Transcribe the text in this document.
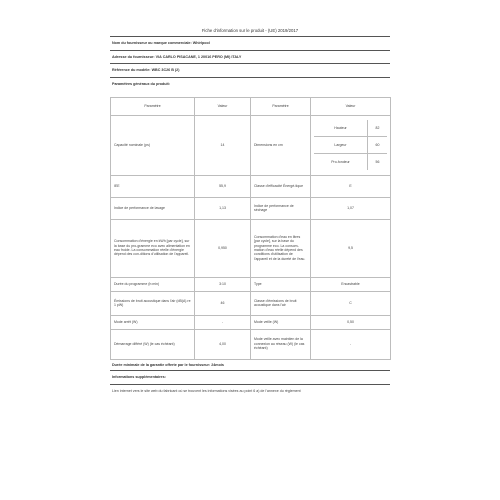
Fiche d'information sur le produit - (UE) 2019/2017
Nom du fournisseur ou marque commerciale: Whirlpool
Adresse du fournisseur: VIA CARLO PISACANE, 1 20016 PERO (MI) ITALY
Référence du modèle: WBC 3C26 B (2)
Paramètres généraux du produit:
Paramètre	Valeur	Paramètre	Valeur
Capacité nominale (ps)	14	Dimensions en cm	
Hauteur	82
Largeur	60
Pro-fondeur	56

IEE	55,9	Classe d'efficacité Énergé-tique	E
Indice de performance de lavage	1,13	Indice de performance de séchage	1,07
Consommation d'énergie en kWh [par cycle], sur la base du pro-gramme eco avec alimentation en eau froide. La consommation réelle d'énergie dépend des con-ditions d'utilisation de l'appareil.	0,950	Consommation d'eau en litres [par cycle], sur la base du programme eco. La consom-mation d'eau réelle dépend des conditions d'utilisation de l'appareil et de la dureté de l'eau.	9,5
Durée du programme (h:min)	3:10	Type	Encastrable
Émissions de bruit acoustique dans l'air (dB(A) re 1 pW)	46	Classe d'émissions de bruit acoustique dans l'air	C
Mode arrêt (W)	-	Mode veille (W)	0,50
Démarrage différé (W) (le cas échéant)	4,00	Mode veille avec maintien de la connexion au réseau (W) (le cas échéant)	-
Durée minimale de la garantie offerte par le fournisseur: 24mois
Informations supplémentaires:
Lien internet vers le site web du fabricant où se trouvent les informations visées au point 6 a) de l'annexe du règlement
